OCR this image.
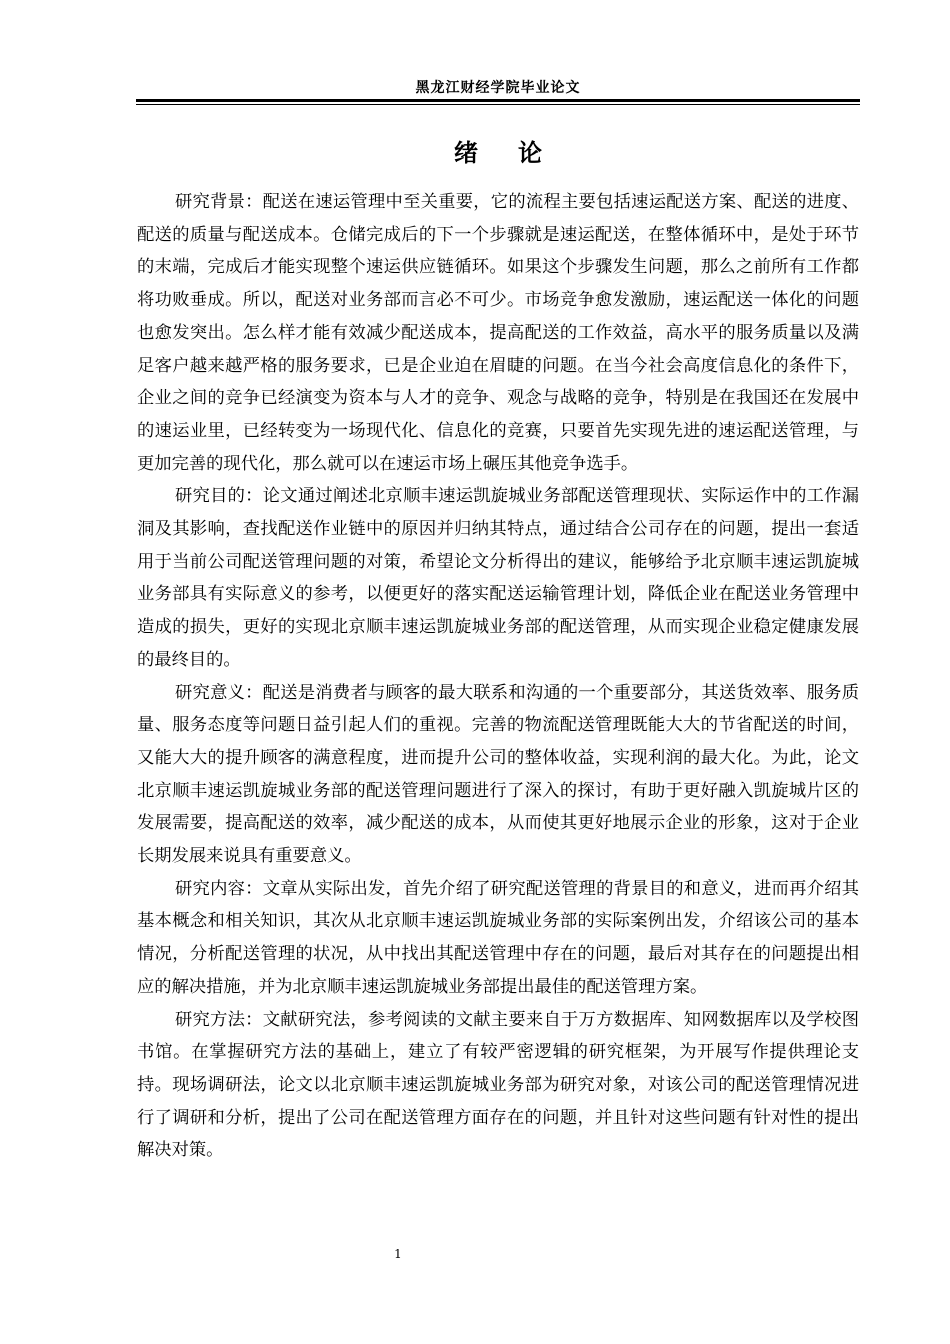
黑龙江财经学院毕业论文
绪论

研究背景：配送在速运管理中至关重要，它的流程主要包括速运配送方案、配送的进度、配送的质量与配送成本。仓储完成后的下一个步骤就是速运配送，在整体循环中，是处于环节的末端，完成后才能实现整个速运供应链循环。如果这个步骤发生问题，那么之前所有工作都将功败垂成。所以，配送对业务部而言必不可少。市场竞争愈发激励，速运配送一体化的问题也愈发突出。怎么样才能有效减少配送成本，提高配送的工作效益，高水平的服务质量以及满足客户越来越严格的服务要求，已是企业迫在眉睫的问题。在当今社会高度信息化的条件下，企业之间的竞争已经演变为资本与人才的竞争、观念与战略的竞争，特别是在我国还在发展中的速运业里，已经转变为一场现代化、信息化的竞赛，只要首先实现先进的速运配送管理，与更加完善的现代化，那么就可以在速运市场上碾压其他竞争选手。

研究目的：论文通过阐述北京顺丰速运凯旋城业务部配送管理现状、实际运作中的工作漏洞及其影响，查找配送作业链中的原因并归纳其特点，通过结合公司存在的问题，提出一套适用于当前公司配送管理问题的对策，希望论文分析得出的建议，能够给予北京顺丰速运凯旋城业务部具有实际意义的参考，以便更好的落实配送运输管理计划，降低企业在配送业务管理中造成的损失，更好的实现北京顺丰速运凯旋城业务部的配送管理，从而实现企业稳定健康发展的最终目的。

研究意义：配送是消费者与顾客的最大联系和沟通的一个重要部分，其送货效率、服务质量、服务态度等问题日益引起人们的重视。完善的物流配送管理既能大大的节省配送的时间，又能大大的提升顾客的满意程度，进而提升公司的整体收益，实现利润的最大化。为此，论文北京顺丰速运凯旋城业务部的配送管理问题进行了深入的探讨，有助于更好融入凯旋城片区的发展需要，提高配送的效率，减少配送的成本，从而使其更好地展示企业的形象，这对于企业长期发展来说具有重要意义。

研究内容：文章从实际出发，首先介绍了研究配送管理的背景目的和意义，进而再介绍其基本概念和相关知识，其次从北京顺丰速运凯旋城业务部的实际案例出发，介绍该公司的基本情况，分析配送管理的状况，从中找出其配送管理中存在的问题，最后对其存在的问题提出相应的解决措施，并为北京顺丰速运凯旋城业务部提出最佳的配送管理方案。

研究方法：文献研究法，参考阅读的文献主要来自于万方数据库、知网数据库以及学校图书馆。在掌握研究方法的基础上，建立了有较严密逻辑的研究框架，为开展写作提供理论支持。现场调研法，论文以北京顺丰速运凯旋城业务部为研究对象，对该公司的配送管理情况进行了调研和分析，提出了公司在配送管理方面存在的问题，并且针对这些问题有针对性的提出解决对策。

1
